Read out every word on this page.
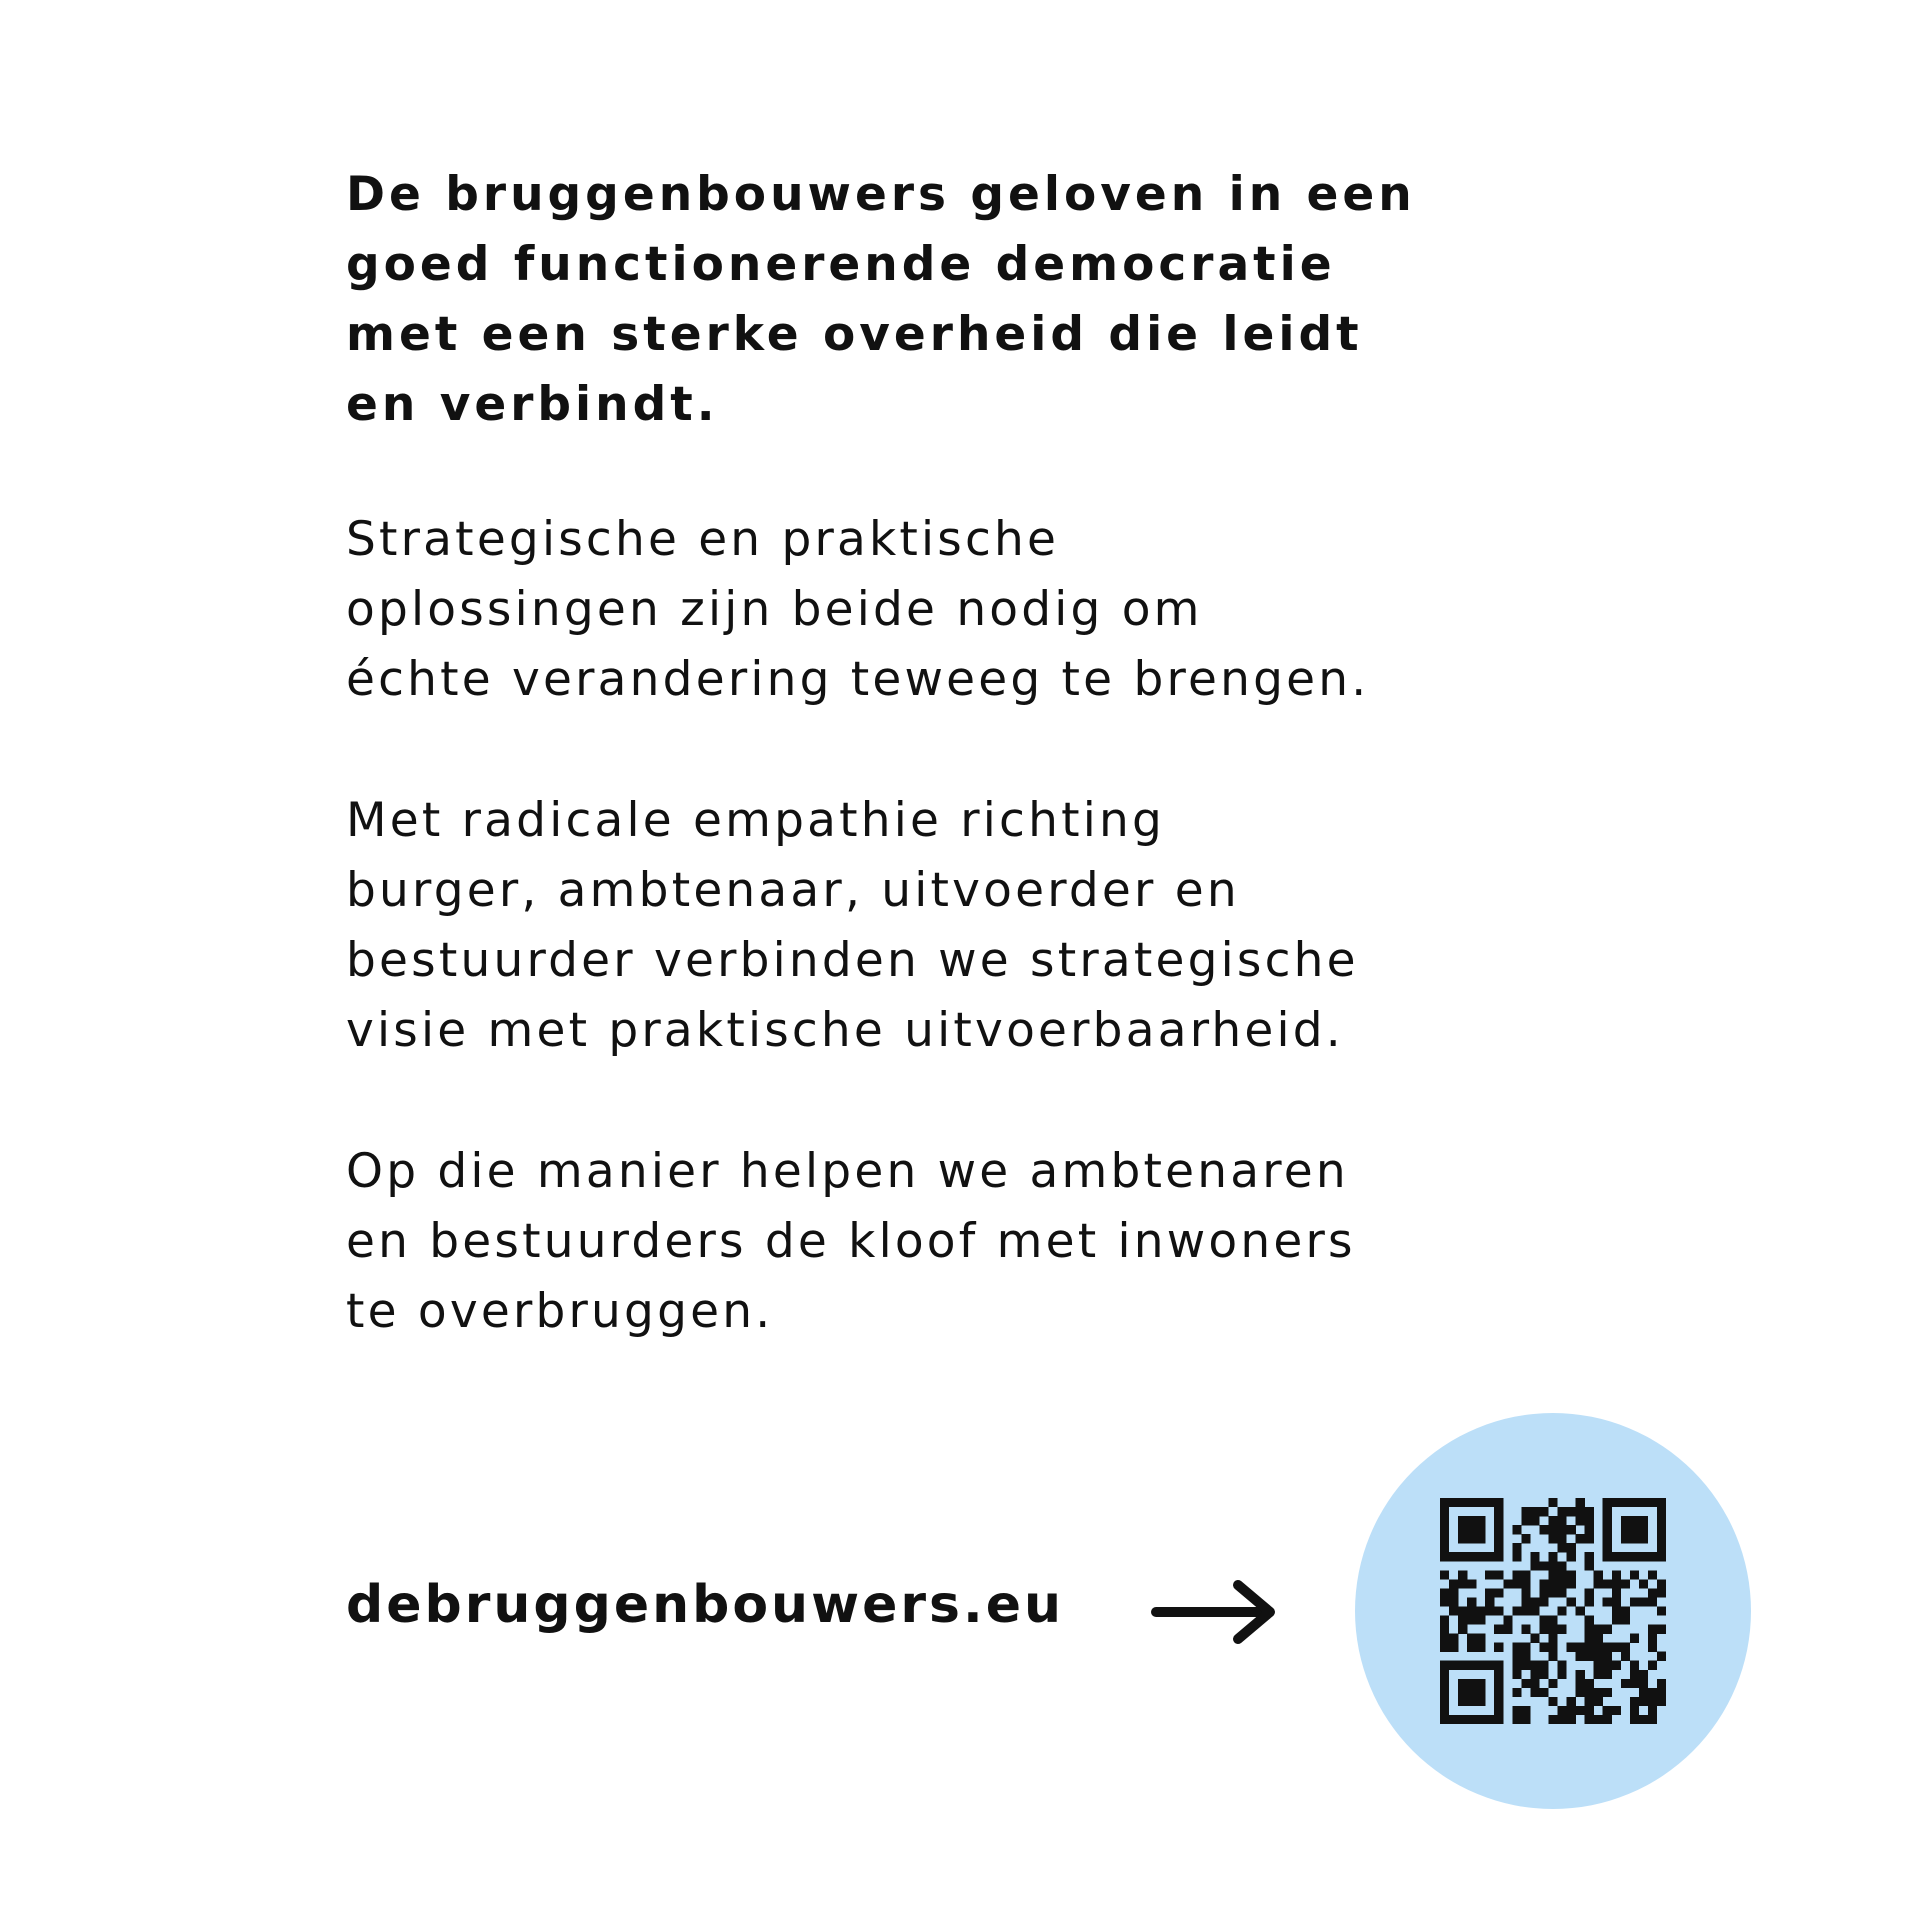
De bruggenbouwers geloven in een

goed functionerende democratie

met een sterke overheid die leidt

en verbindt.

Strategische en praktische

oplossingen zijn beide nodig om

échte verandering teweeg te brengen.

Met radicale empathie richting

burger, ambtenaar, uitvoerder en

bestuurder verbinden we strategische

visie met praktische uitvoerbaarheid.

Op die manier helpen we ambtenaren

en bestuurders de kloof met inwoners

te overbruggen.

debruggenbouwers.eu
